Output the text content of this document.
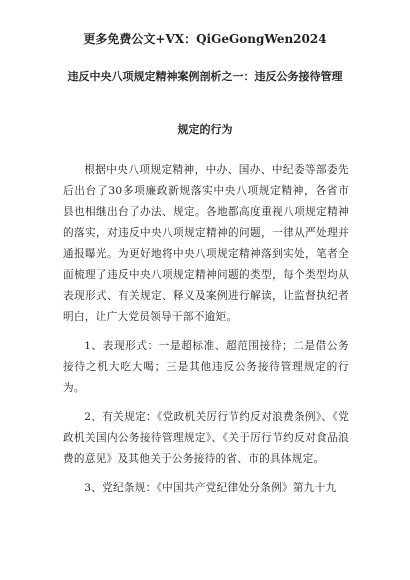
更多免费公文+VX：QiGeGongWen2024
违反中央八项规定精神案例剖析之一：违反公务接待管理
规定的行为

根据中央八项规定精神，中办、国办、中纪委等部委先后出台了30多项廉政新规落实中央八项规定精神，各省市县也相继出台了办法、规定。各地都高度重视八项规定精神的落实，对违反中央八项规定精神的问题，一律从严处理并通报曝光。为更好地将中央八项规定精神落到实处，笔者全面梳理了违反中央八项规定精神问题的类型，每个类型均从表现形式、有关规定、释义及案例进行解读，让监督执纪者明白，让广大党员领导干部不逾矩。

1、表现形式：一是超标准、超范围接待；二是借公务接待之机大吃大喝；三是其他违反公务接待管理规定的行为。

2、有关规定：《党政机关厉行节约反对浪费条例》、《党政机关国内公务接待管理规定》、《关于厉行节约反对食品浪费的意见》及其他关于公务接待的省、市的具体规定。

3、党纪条规：《中国共产党纪律处分条例》第九十九
